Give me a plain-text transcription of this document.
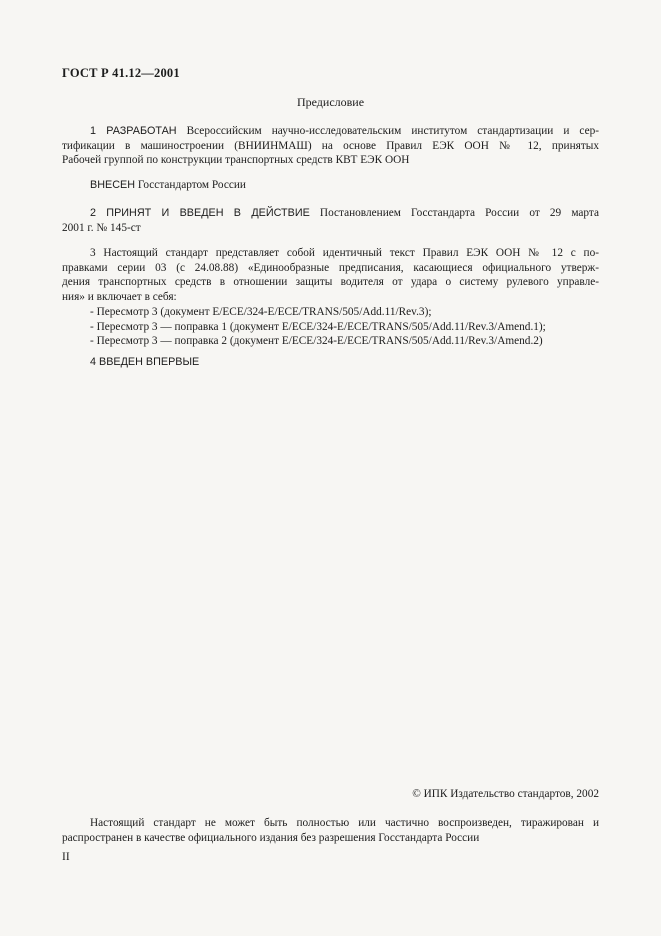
ГОСТ Р 41.12—2001
Предисловие
1 РАЗРАБОТАН Всероссийским научно-исследовательским институтом стандартизации и сер-
тификации в машиностроении (ВНИИНМАШ) на основе Правил ЕЭК ООН № 12, принятых
Рабочей группой по конструкции транспортных средств КВТ ЕЭК ООН
ВНЕСЕН Госстандартом России
2 ПРИНЯТ И ВВЕДЕН В ДЕЙСТВИЕ Постановлением Госстандарта России от 29 марта
2001 г. № 145-ст
3 Настоящий стандарт представляет собой идентичный текст Правил ЕЭК ООН № 12 с по-
правками серии 03 (с 24.08.88) «Единообразные предписания, касающиеся официального утверж-
дения транспортных средств в отношении защиты водителя от удара о систему рулевого управле-
ния» и включает в себя:
- Пересмотр 3 (документ E/ECE/324-E/ECE/TRANS/505/Add.11/Rev.3);
- Пересмотр 3 — поправка 1 (документ E/ECE/324-E/ECE/TRANS/505/Add.11/Rev.3/Amend.1);
- Пересмотр 3 — поправка 2 (документ E/ECE/324-E/ECE/TRANS/505/Add.11/Rev.3/Amend.2)
4 ВВЕДЕН ВПЕРВЫЕ
© ИПК Издательство стандартов, 2002
Настоящий стандарт не может быть полностью или частично воспроизведен, тиражирован и
распространен в качестве официального издания без разрешения Госстандарта России
II
